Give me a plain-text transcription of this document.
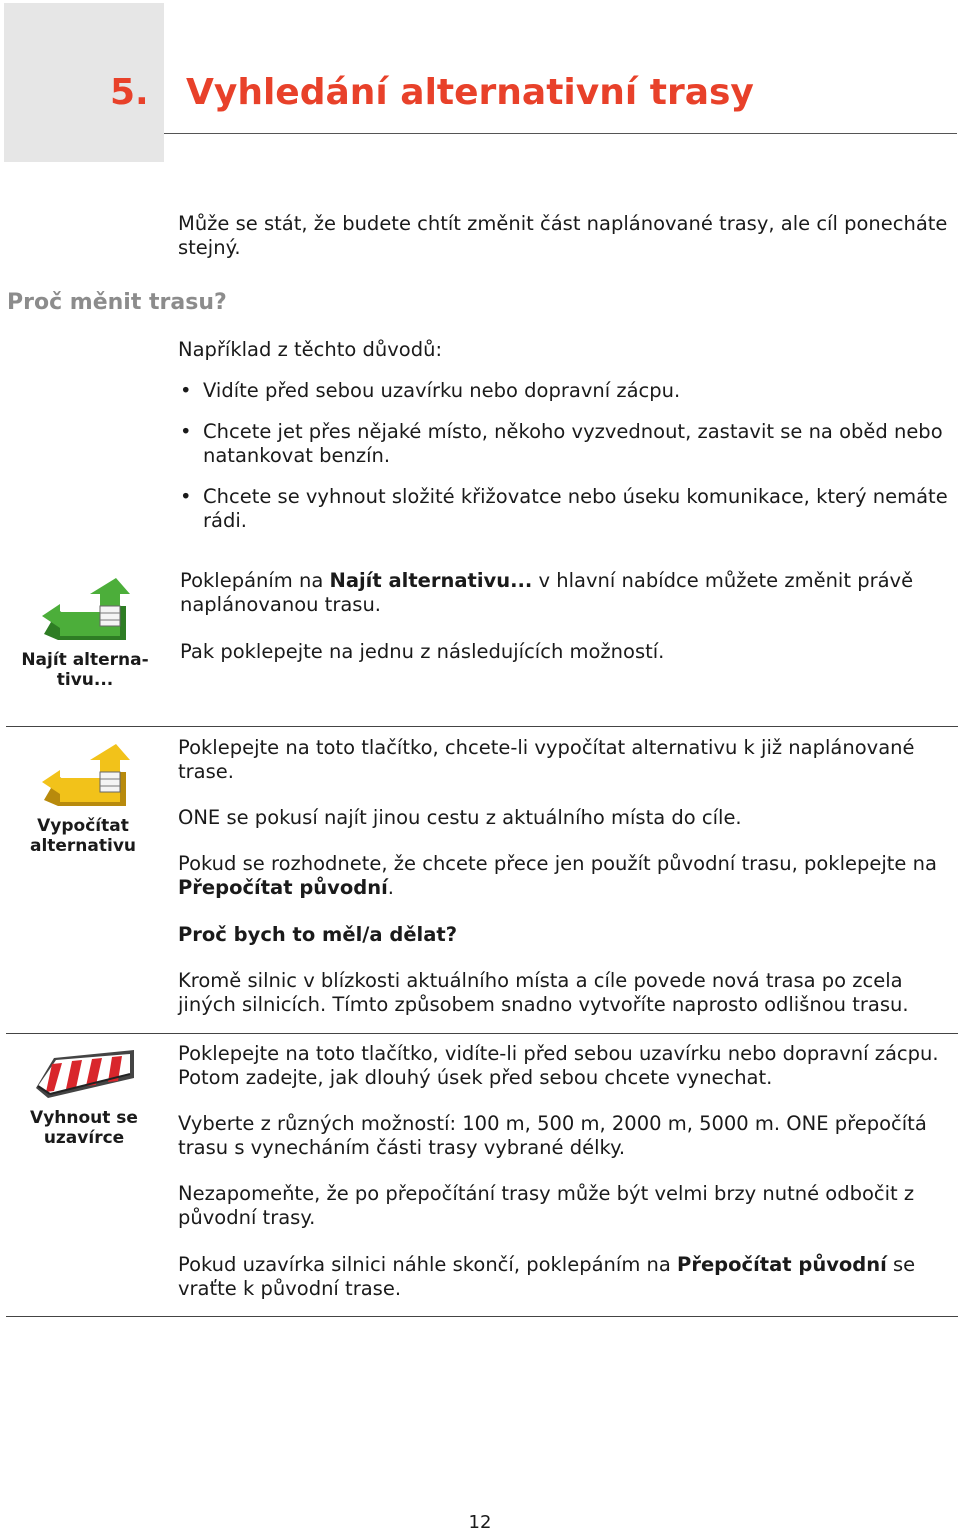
5. Vyhledání alternativní trasy

Může se stát, že budete chtít změnit část naplánované trasy, ale cíl ponecháte stejný.

Proč měnit trasu?

Například z těchto důvodů:

• Vidíte před sebou uzavírku nebo dopravní zácpu.
• Chcete jet přes nějaké místo, někoho vyzvednout, zastavit se na oběd nebo natankovat benzín.
• Chcete se vyhnout složité křižovatce nebo úseku komunikace, který nemáte rádi.
Najít alterna-
tivu...

Poklepáním na Najít alternativu... v hlavní nabídce můžete změnit právě naplánovanou trasu.

Pak poklepejte na jednu z následujících možností.

Vypočítat
alternativu

Poklepejte na toto tlačítko, chcete-li vypočítat alternativu k již naplánované trase.

ONE se pokusí najít jinou cestu z aktuálního místa do cíle.

Pokud se rozhodnete, že chcete přece jen použít původní trasu, poklepejte na Přepočítat původní.

Proč bych to měl/a dělat?

Kromě silnic v blízkosti aktuálního místa a cíle povede nová trasa po zcela jiných silnicích. Tímto způsobem snadno vytvoříte naprosto odlišnou trasu.

Vyhnout se
uzavírce

Poklepejte na toto tlačítko, vidíte-li před sebou uzavírku nebo dopravní zácpu. Potom zadejte, jak dlouhý úsek před sebou chcete vynechat.

Vyberte z různých možností: 100 m, 500 m, 2000 m, 5000 m. ONE přepočítá trasu s vynecháním části trasy vybrané délky.

Nezapomeňte, že po přepočítání trasy může být velmi brzy nutné odbočit z původní trasy.

Pokud uzavírka silnici náhle skončí, poklepáním na Přepočítat původní se vraťte k původní trase.

12
